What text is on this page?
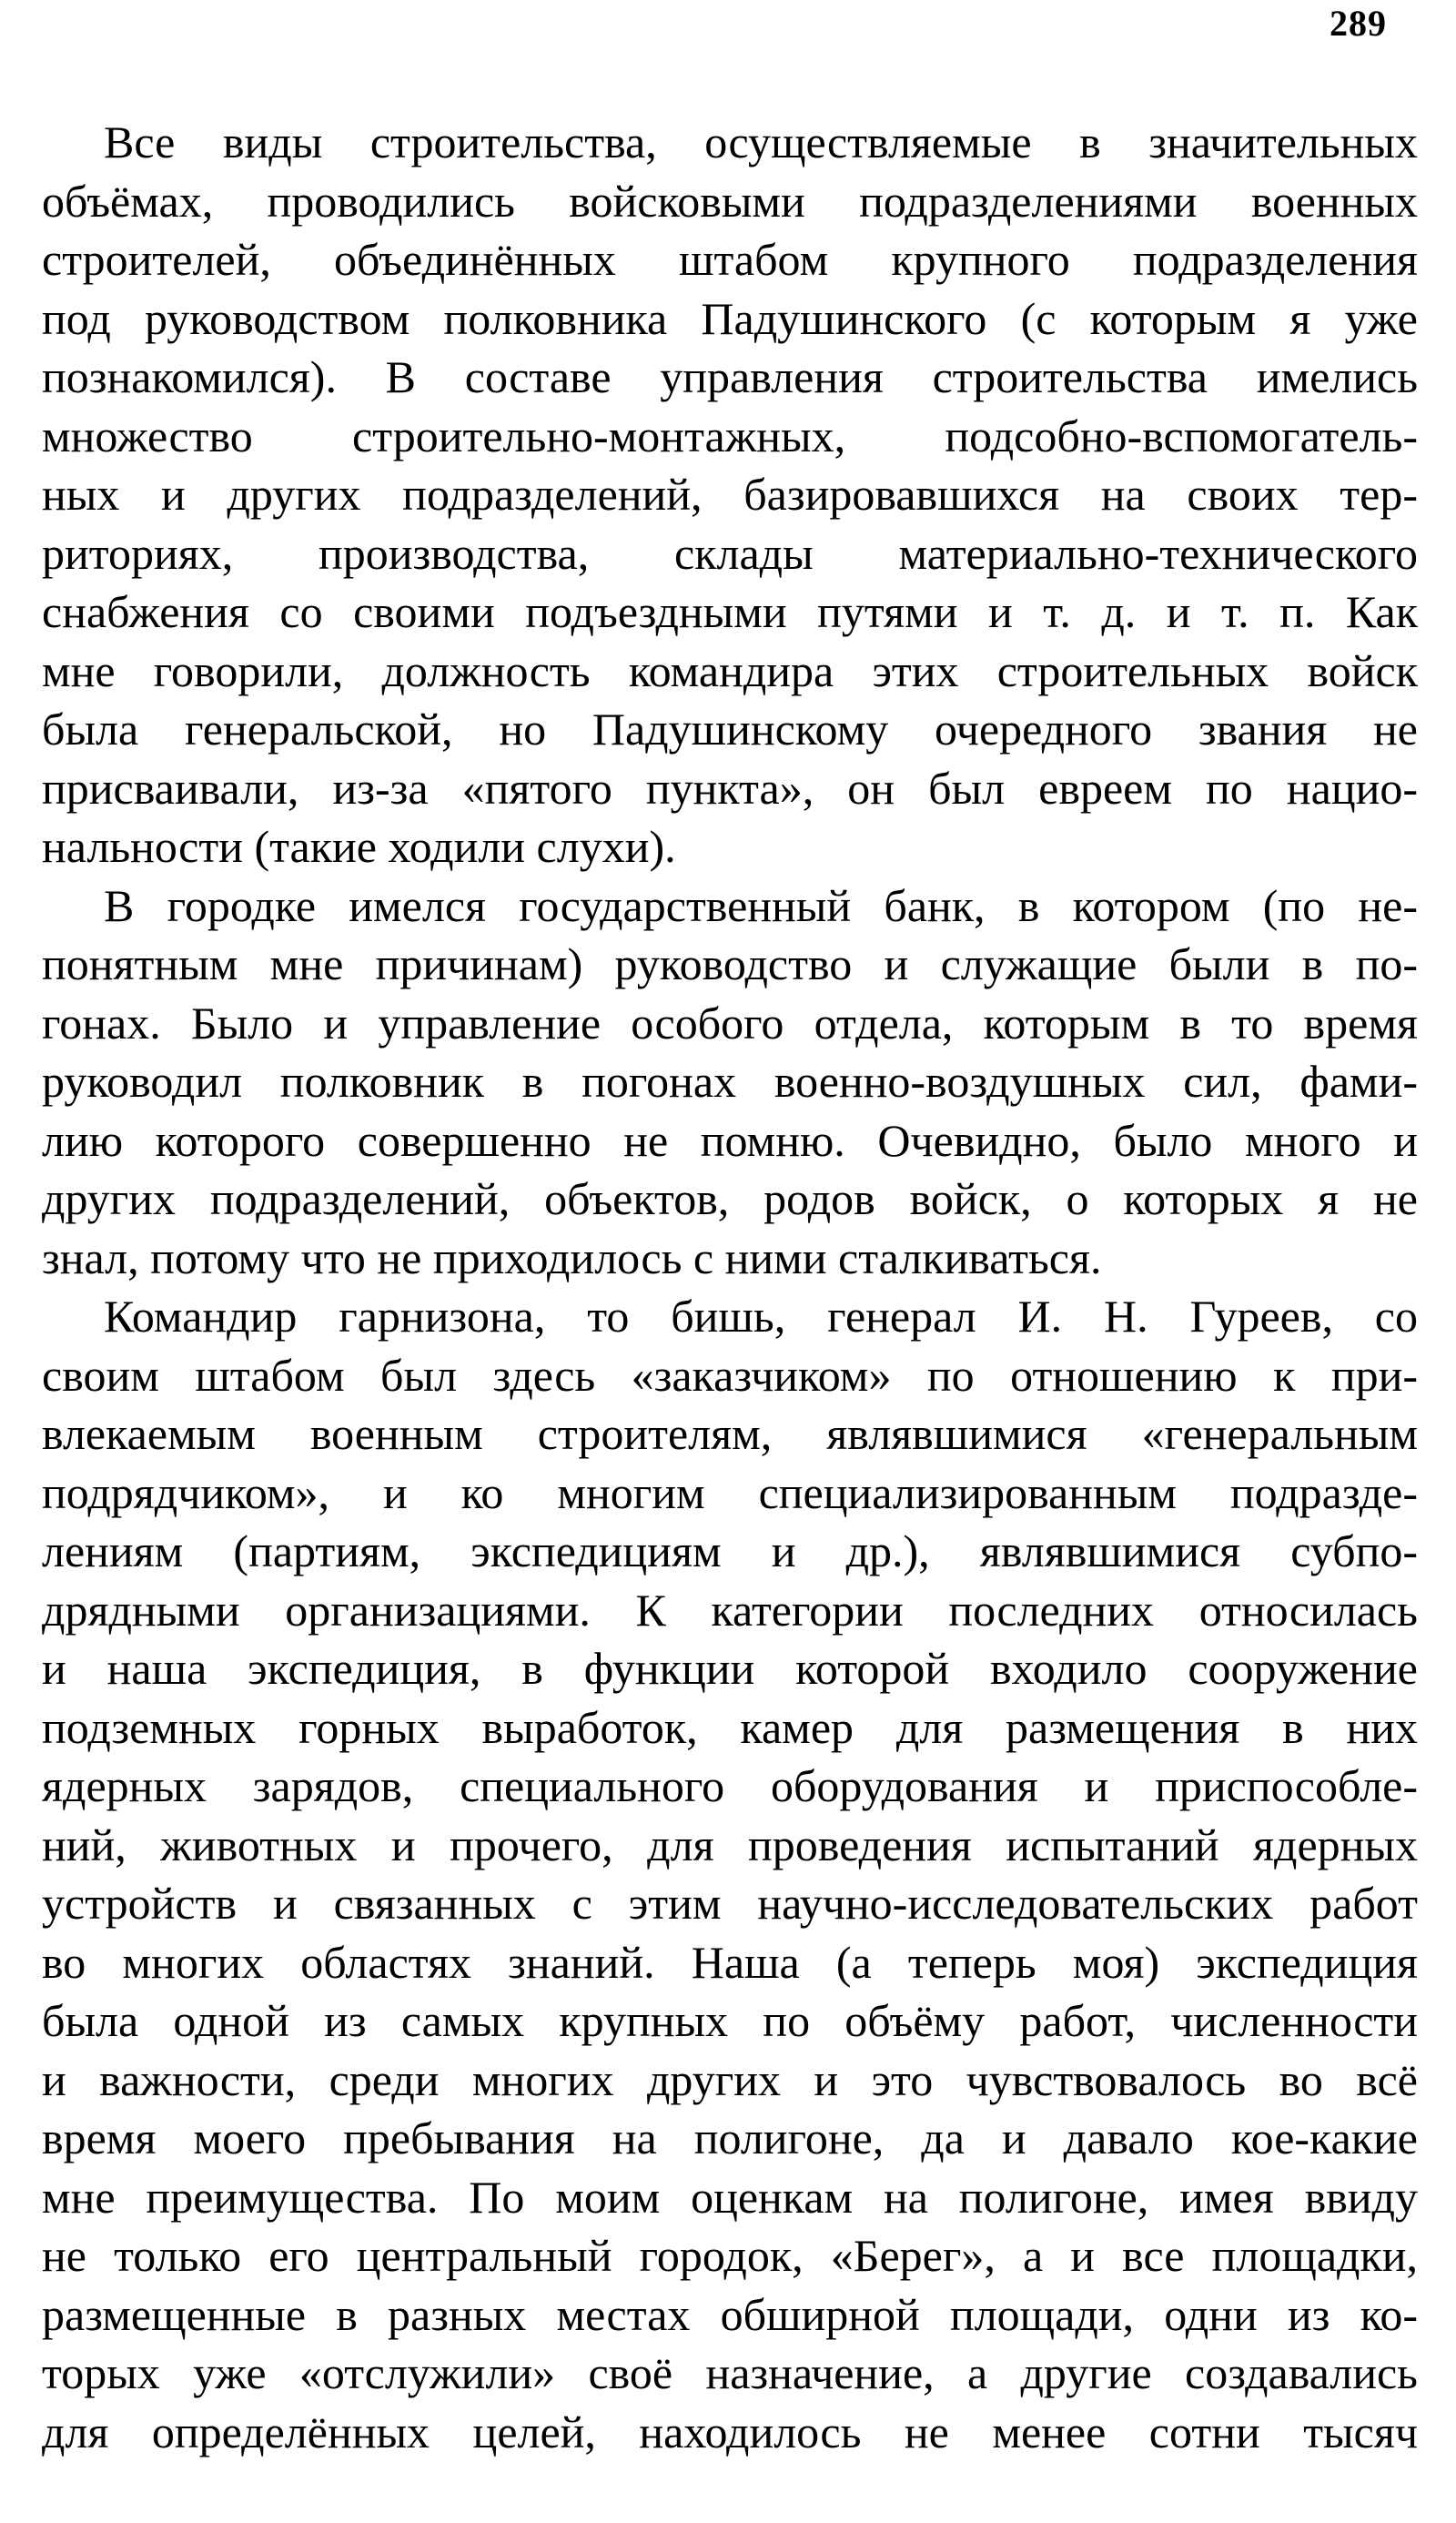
289
Все виды строительства, осуществляемые в значительных
объёмах, проводились войсковыми подразделениями военных
строителей, объединённых штабом крупного подразделения
под руководством полковника Падушинского (с которым я уже
познакомился). В составе управления строительства имелись
множество строительно-монтажных, подсобно-вспомогатель-
ных и других подразделений, базировавшихся на своих тер-
риториях, производства, склады материально-технического
снабжения со своими подъездными путями и т. д. и т. п. Как
мне говорили, должность командира этих строительных войск
была генеральской, но Падушинскому очередного звания не
присваивали, из-за «пятого пункта», он был евреем по нацио-
нальности (такие ходили слухи).
В городке имелся государственный банк, в котором (по не-
понятным мне причинам) руководство и служащие были в по-
гонах. Было и управление особого отдела, которым в то время
руководил полковник в погонах военно-воздушных сил, фами-
лию которого совершенно не помню. Очевидно, было много и
других подразделений, объектов, родов войск, о которых я не
знал, потому что не приходилось с ними сталкиваться.
Командир гарнизона, то бишь, генерал И. Н. Гуреев, со
своим штабом был здесь «заказчиком» по отношению к при-
влекаемым военным строителям, являвшимися «генеральным
подрядчиком», и ко многим специализированным подразде-
лениям (партиям, экспедициям и др.), являвшимися субпо-
дрядными организациями. К категории последних относилась
и наша экспедиция, в функции которой входило сооружение
подземных горных выработок, камер для размещения в них
ядерных зарядов, специального оборудования и приспособле-
ний, животных и прочего, для проведения испытаний ядерных
устройств и связанных с этим научно-исследовательских работ
во многих областях знаний. Наша (а теперь моя) экспедиция
была одной из самых крупных по объёму работ, численности
и важности, среди многих других и это чувствовалось во всё
время моего пребывания на полигоне, да и давало кое-какие
мне преимущества. По моим оценкам на полигоне, имея ввиду
не только его центральный городок, «Берег», а и все площадки,
размещенные в разных местах обширной площади, одни из ко-
торых уже «отслужили» своё назначение, а другие создавались
для определённых целей, находилось не менее сотни тысяч
